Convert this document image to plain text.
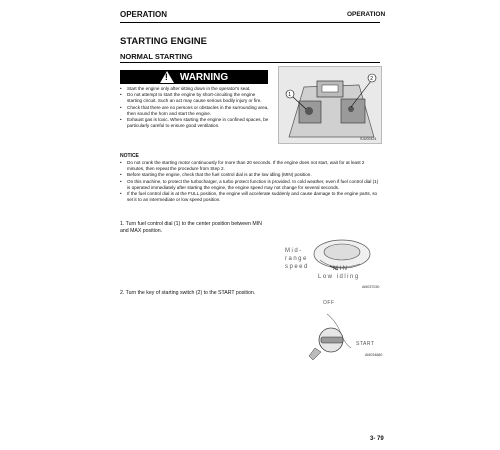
OPERATION	OPERATION
STARTING ENGINE
NORMAL STARTING
!
WARNING
• Start the engine only after sitting down in the operator's seat.
• Do not attempt to start the engine by short-circuiting the engine starting circuit. Such an act may cause serious bodily injury or fire.
• Check that there are no persons or obstacles in the surrounding area, then sound the horn and start the engine.
• Exhaust gas is toxic. When starting the engine in confined spaces, be particularly careful to ensure good ventilation.
1
2
9JU00424
NOTICE
• Do not crank the starting motor continuously for more than 20 seconds. If the engine does not start, wait for at least 2 minutes, then repeat the procedure from Step 2.
• Before starting the engine, check that the fuel control dial is at the low idling (MIN) position.
• On this machine, to protect the turbocharger, a turbo protect function is provided. In cold weather, even if fuel control dial (1) is operated immediately after starting the engine, the engine speed may not change for several seconds.
• If the fuel control dial is at the FULL position, the engine will accelerate suddenly and cause damage to the engine parts, so set it to an intermediate or low speed position.
1. Turn fuel control dial (1) to the center position between MIN and MAX position.
Mid-range speed	MIN
Low idling
AM037030
2. Turn the key of starting switch (2) to the START position.
OFF
START
AM034880
3- 79
